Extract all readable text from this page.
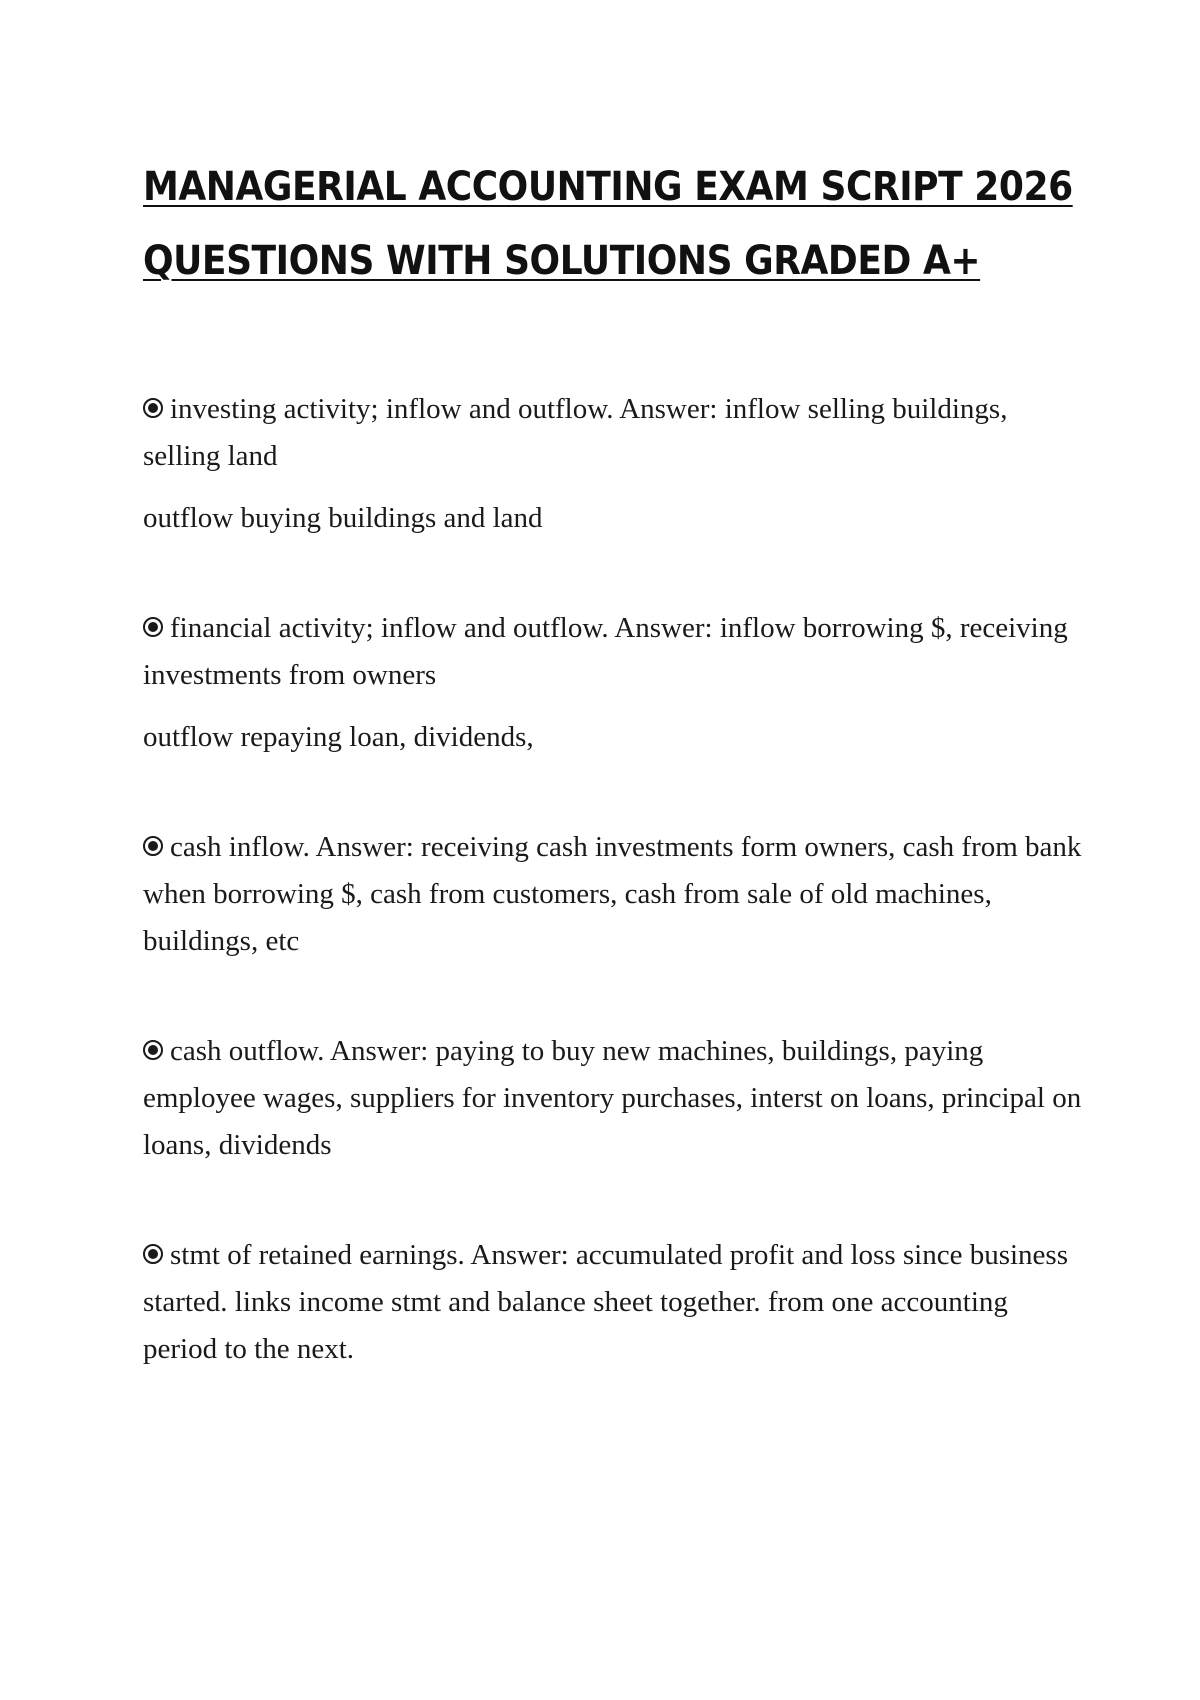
MANAGERIAL ACCOUNTING EXAM SCRIPT 2026 QUESTIONS WITH SOLUTIONS GRADED A+

investing activity; inflow and outflow. Answer: inflow selling buildings, selling land
outflow buying buildings and land

financial activity; inflow and outflow. Answer: inflow borrowing $, receiving investments from owners
outflow repaying loan, dividends,

cash inflow. Answer: receiving cash investments form owners, cash from bank when borrowing $, cash from customers, cash from sale of old machines, buildings, etc

cash outflow. Answer: paying to buy new machines, buildings, paying employee wages, suppliers for inventory purchases, interst on loans, principal on loans, dividends

stmt of retained earnings. Answer: accumulated profit and loss since business started. links income stmt and balance sheet together. from one accounting period to the next.
